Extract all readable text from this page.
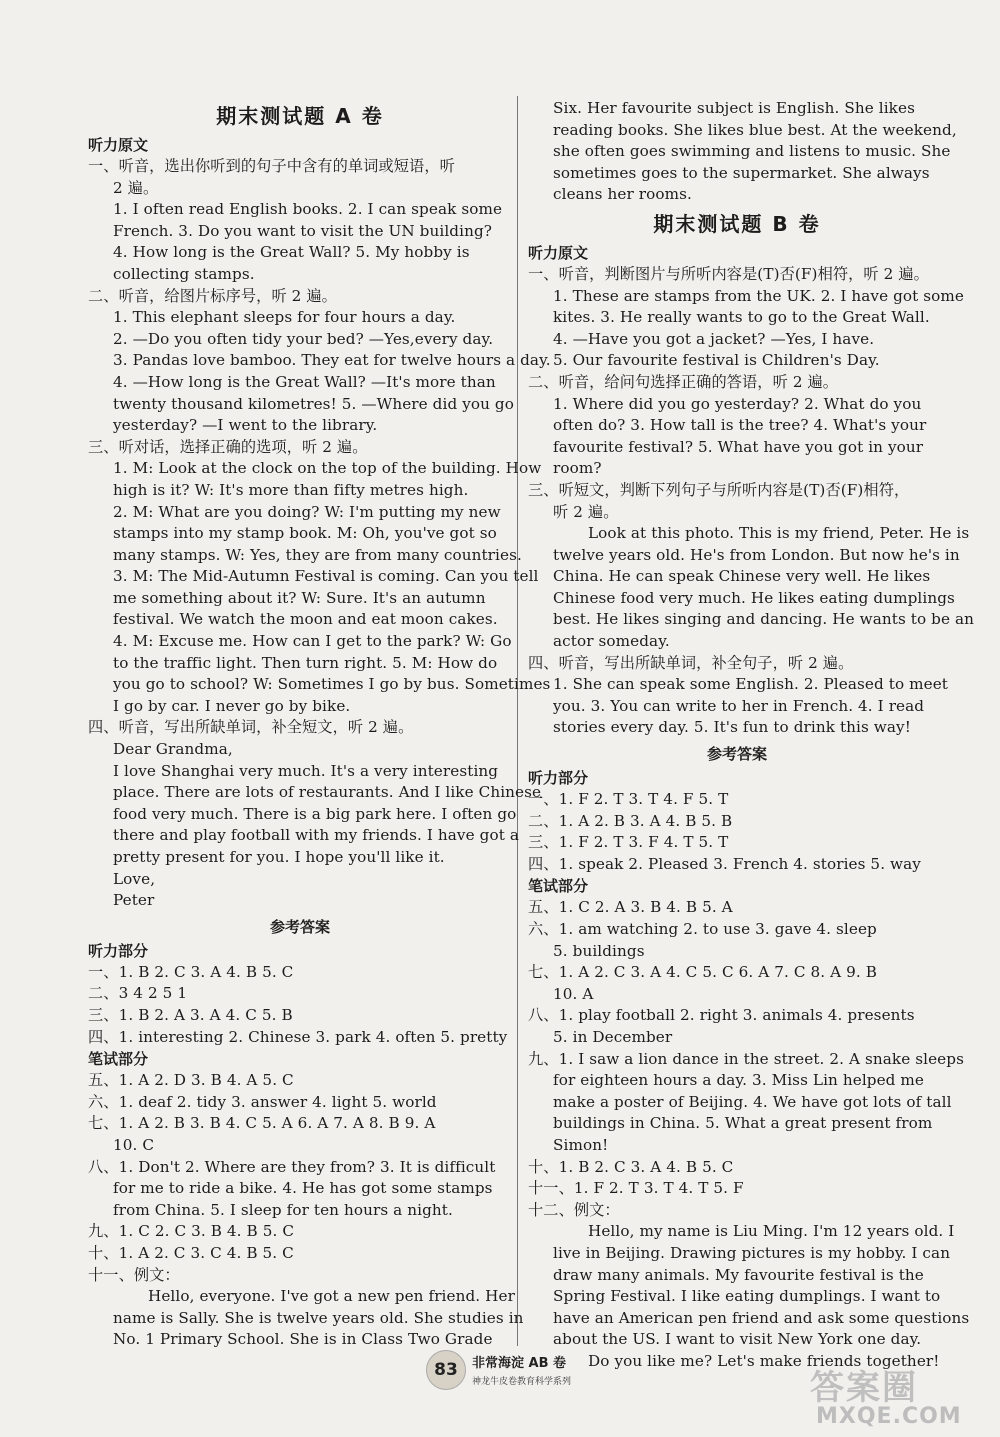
期末测试题 A 卷
听力原文
一、听音，选出你听到的句子中含有的单词或短语，听
2 遍。
1. I often read English books. 2. I can speak some
French. 3. Do you want to visit the UN building?
4. How long is the Great Wall? 5. My hobby is
collecting stamps.
二、听音，给图片标序号，听 2 遍。
1. This elephant sleeps for four hours a day.
2. —Do you often tidy your bed? —Yes,every day.
3. Pandas love bamboo. They eat for twelve hours a day.
4. —How long is the Great Wall? —It's more than
twenty thousand kilometres! 5. —Where did you go
yesterday? —I went to the library.
三、听对话，选择正确的选项，听 2 遍。
1. M: Look at the clock on the top of the building. How
high is it? W: It's more than fifty metres high.
2. M: What are you doing? W: I'm putting my new
stamps into my stamp book. M: Oh, you've got so
many stamps. W: Yes, they are from many countries.
3. M: The Mid-Autumn Festival is coming. Can you tell
me something about it? W: Sure. It's an autumn
festival. We watch the moon and eat moon cakes.
4. M: Excuse me. How can I get to the park? W: Go
to the traffic light. Then turn right. 5. M: How do
you go to school? W: Sometimes I go by bus. Sometimes
I go by car. I never go by bike.
四、听音，写出所缺单词，补全短文，听 2 遍。
Dear Grandma,
I love Shanghai very much. It's a very interesting
place. There are lots of restaurants. And I like Chinese
food very much. There is a big park here. I often go
there and play football with my friends. I have got a
pretty present for you. I hope you'll like it.
Love,
Peter
参考答案
听力部分
一、1. B 2. C 3. A 4. B 5. C
二、3 4 2 5 1
三、1. B 2. A 3. A 4. C 5. B
四、1. interesting 2. Chinese 3. park 4. often 5. pretty
笔试部分
五、1. A 2. D 3. B 4. A 5. C
六、1. deaf 2. tidy 3. answer 4. light 5. world
七、1. A 2. B 3. B 4. C 5. A 6. A 7. A 8. B 9. A
10. C
八、1. Don't 2. Where are they from? 3. It is difficult
for me to ride a bike. 4. He has got some stamps
from China. 5. I sleep for ten hours a night.
九、1. C 2. C 3. B 4. B 5. C
十、1. A 2. C 3. C 4. B 5. C
十一、例文：
Hello, everyone. I've got a new pen friend. Her
name is Sally. She is twelve years old. She studies in
No. 1 Primary School. She is in Class Two Grade
Six. Her favourite subject is English. She likes
reading books. She likes blue best. At the weekend,
she often goes swimming and listens to music. She
sometimes goes to the supermarket. She always
cleans her rooms.
期末测试题 B 卷
听力原文
一、听音，判断图片与所听内容是(T)否(F)相符，听 2 遍。
1. These are stamps from the UK. 2. I have got some
kites. 3. He really wants to go to the Great Wall.
4. —Have you got a jacket? —Yes, I have.
5. Our favourite festival is Children's Day.
二、听音，给问句选择正确的答语，听 2 遍。
1. Where did you go yesterday? 2. What do you
often do? 3. How tall is the tree? 4. What's your
favourite festival? 5. What have you got in your
room?
三、听短文，判断下列句子与所听内容是(T)否(F)相符，
听 2 遍。
Look at this photo. This is my friend, Peter. He is
twelve years old. He's from London. But now he's in
China. He can speak Chinese very well. He likes
Chinese food very much. He likes eating dumplings
best. He likes singing and dancing. He wants to be an
actor someday.
四、听音，写出所缺单词，补全句子，听 2 遍。
1. She can speak some English. 2. Pleased to meet
you. 3. You can write to her in French. 4. I read
stories every day. 5. It's fun to drink this way!
参考答案
听力部分
一、1. F 2. T 3. T 4. F 5. T
二、1. A 2. B 3. A 4. B 5. B
三、1. F 2. T 3. F 4. T 5. T
四、1. speak 2. Pleased 3. French 4. stories 5. way
笔试部分
五、1. C 2. A 3. B 4. B 5. A
六、1. am watching 2. to use 3. gave 4. sleep
5. buildings
七、1. A 2. C 3. A 4. C 5. C 6. A 7. C 8. A 9. B
10. A
八、1. play football 2. right 3. animals 4. presents
5. in December
九、1. I saw a lion dance in the street. 2. A snake sleeps
for eighteen hours a day. 3. Miss Lin helped me
make a poster of Beijing. 4. We have got lots of tall
buildings in China. 5. What a great present from
Simon!
十、1. B 2. C 3. A 4. B 5. C
十一、1. F 2. T 3. T 4. T 5. F
十二、例文：
Hello, my name is Liu Ming. I'm 12 years old. I
live in Beijing. Drawing pictures is my hobby. I can
draw many animals. My favourite festival is the
Spring Festival. I like eating dumplings. I want to
have an American pen friend and ask some questions
about the US. I want to visit New York one day.
Do you like me? Let's make friends together!
83	非常海淀 AB 卷
神龙牛皮卷教育科学系列	答案圈
MXQE.COM
